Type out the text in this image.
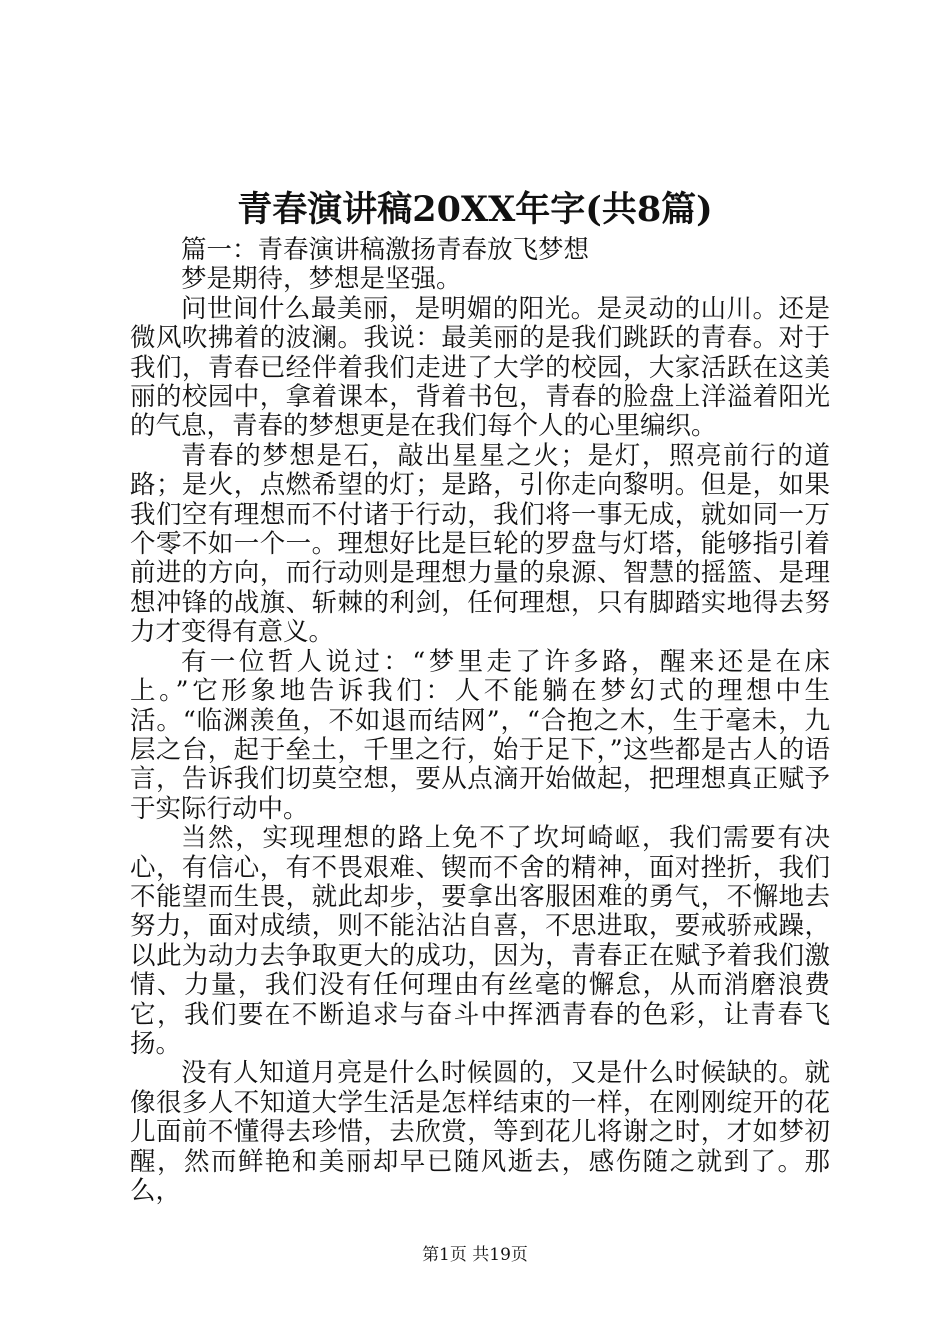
青春演讲稿20XX年字(共8篇)

篇一：青春演讲稿激扬青春放飞梦想

梦是期待，梦想是坚强。

问世间什么最美丽，是明媚的阳光。是灵动的山川。还是微风吹拂着的波澜。我说：最美丽的是我们跳跃的青春。对于我们，青春已经伴着我们走进了大学的校园，大家活跃在这美丽的校园中，拿着课本，背着书包，青春的脸盘上洋溢着阳光的气息，青春的梦想更是在我们每个人的心里编织。

青春的梦想是石，敲出星星之火；是灯，照亮前行的道路；是火，点燃希望的灯；是路，引你走向黎明。但是，如果我们空有理想而不付诸于行动，我们将一事无成，就如同一万个零不如一个一。理想好比是巨轮的罗盘与灯塔，能够指引着前进的方向，而行动则是理想力量的泉源、智慧的摇篮、是理想冲锋的战旗、斩棘的利剑，任何理想，只有脚踏实地得去努力才变得有意义。

有一位哲人说过：“梦里走了许多路，醒来还是在床上。”它形象地告诉我们：人不能躺在梦幻式的理想中生活。“临渊羡鱼，不如退而结网”，“合抱之木，生于毫未，九层之台，起于垒土，千里之行，始于足下，”这些都是古人的语言，告诉我们切莫空想，要从点滴开始做起，把理想真正赋予于实际行动中。

当然，实现理想的路上免不了坎坷崎岖，我们需要有决心，有信心，有不畏艰难、锲而不舍的精神，面对挫折，我们不能望而生畏，就此却步，要拿出客服困难的勇气，不懈地去努力，面对成绩，则不能沾沾自喜，不思进取，要戒骄戒躁，以此为动力去争取更大的成功，因为，青春正在赋予着我们激情、力量，我们没有任何理由有丝毫的懈怠，从而消磨浪费它，我们要在不断追求与奋斗中挥洒青春的色彩，让青春飞扬。

没有人知道月亮是什么时候圆的，又是什么时候缺的。就像很多人不知道大学生活是怎样结束的一样，在刚刚绽开的花儿面前不懂得去珍惜，去欣赏，等到花儿将谢之时，才如梦初醒，然而鲜艳和美丽却早已随风逝去，感伤随之就到了。那么，

第1页 共19页
